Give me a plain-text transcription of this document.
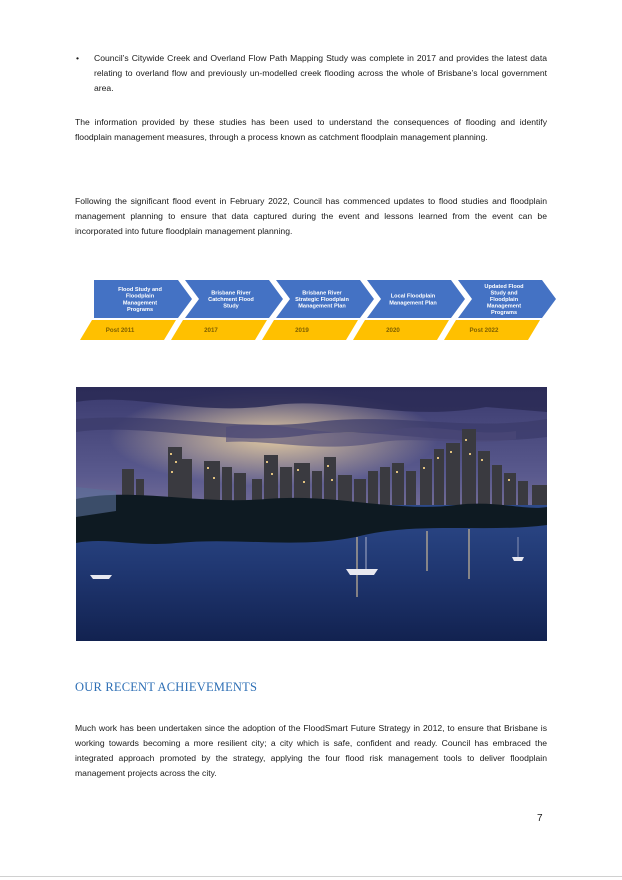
• Council’s Citywide Creek and Overland Flow Path Mapping Study was complete in 2017 and provides the latest data relating to overland flow and previously un-modelled creek flooding across the whole of Brisbane’s local government area.
The information provided by these studies has been used to understand the consequences of flooding and identify floodplain management measures, through a process known as catchment floodplain management planning.
Following the significant flood event in February 2022, Council has commenced updates to flood studies and floodplain management planning to ensure that data captured during the event and lessons learned from the event can be incorporated into future floodplain management planning.
Flood Study and
Floodplain
Management
Programs
Post 2011
Brisbane River
Catchment Flood
Study
2017
Brisbane River
Strategic Floodplain
Management Plan
2019
Local Floodplain
Management Plan
2020
Updated Flood
Study and
Floodplain
Management
Programs
Post 2022
OUR RECENT ACHIEVEMENTS
Much work has been undertaken since the adoption of the FloodSmart Future Strategy in 2012, to ensure that Brisbane is working towards becoming a more resilient city; a city which is safe, confident and ready. Council has embraced the integrated approach promoted by the strategy, applying the four flood risk management tools to deliver floodplain management projects across the city.
7
